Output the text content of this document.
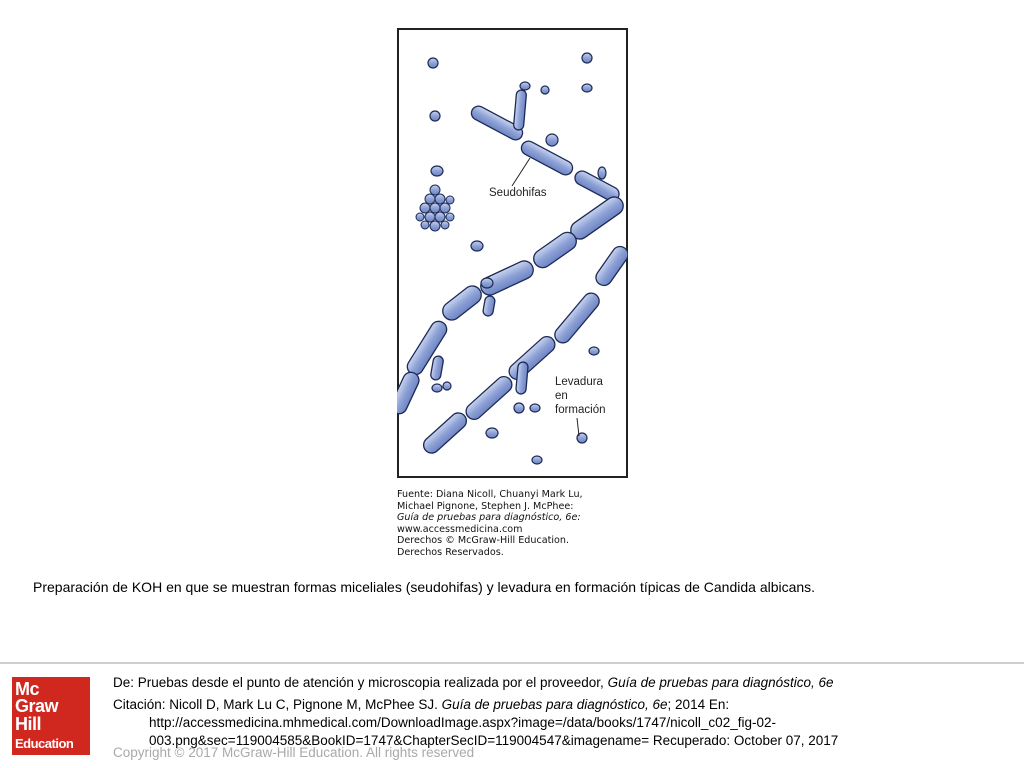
Seudohifas
Levadura
en
formación
Fuente: Diana Nicoll, Chuanyi Mark Lu,
Michael Pignone, Stephen J. McPhee:
Guía de pruebas para diagnóstico, 6e:
www.accessmedicina.com
Derechos © McGraw-Hill Education.
Derechos Reservados.
Preparación de KOH en que se muestran formas miceliales (seudohifas) y levadura en formación típicas de Candida albicans.
Mc
Graw
Hill
Education
De: Pruebas desde el punto de atención y microscopia realizada por el proveedor, Guía de pruebas para diagnóstico, 6e
Citación: Nicoll D, Mark Lu C, Pignone M, McPhee SJ. Guía de pruebas para diagnóstico, 6e; 2014 En:
http://accessmedicina.mhmedical.com/DownloadImage.aspx?image=/data/books/1747/nicoll_c02_fig-02-
003.png&sec=119004585&BookID=1747&ChapterSecID=119004547&imagename= Recuperado: October 07, 2017
Copyright © 2017 McGraw-Hill Education. All rights reserved
